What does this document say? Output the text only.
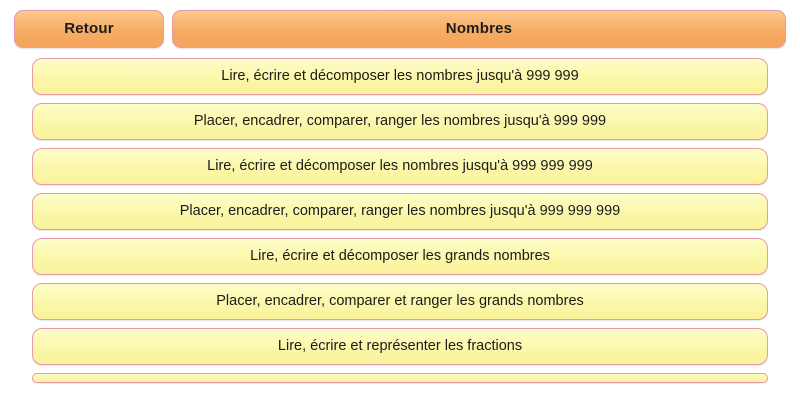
Retour	Nombres
Lire, écrire et décomposer les nombres jusqu'à 999 999
Placer, encadrer, comparer, ranger les nombres jusqu'à 999 999
Lire, écrire et décomposer les nombres jusqu'à 999 999 999
Placer, encadrer, comparer, ranger les nombres jusqu'à 999 999 999
Lire, écrire et décomposer les grands nombres
Placer, encadrer, comparer et ranger les grands nombres
Lire, écrire et représenter les fractions
